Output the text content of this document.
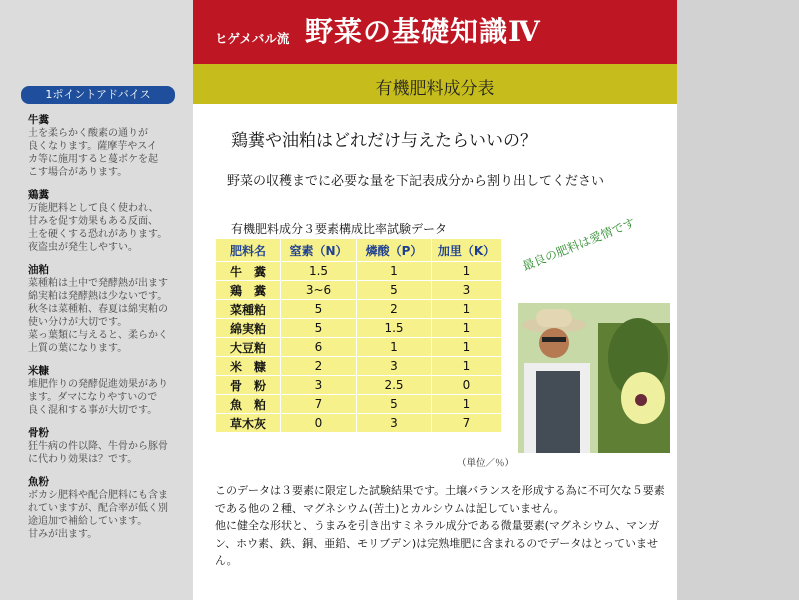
1ポイントアドバイス
牛糞
土を柔らかく酸素の通りが
良くなります。薩摩芋やスイ
カ等に施用すると蔓ボケを起
こす場合があります。
鶏糞
万能肥料として良く使われ、
甘みを促す効果もある反面、
土を硬くする恐れがあります。
夜盗虫が発生しやすい。
油粕
菜種粕は土中で発酵熱が出ます
綿実粕は発酵熱は少ないです。
秋冬は菜種粕、春夏は綿実粕の
使い分けが大切です。
菜っ葉類に与えると、柔らかく
上質の葉になります。
米糠
堆肥作りの発酵促進効果があり
ます。ダマになりやすいので
良く混和する事が大切です。
骨粉
狂牛病の件以降、牛骨から豚骨
に代わり効果は？です。
魚粉
ボカシ肥料や配合肥料にも含ま
れていますが、配合率が低く別
途追加で補給しています。
甘みが出ます。
ヒゲメバル流 野菜の基礎知識Ⅳ
有機肥料成分表
鶏糞や油粕はどれだけ与えたらいいの？
野菜の収穫までに必要な量を下記表成分から割り出してください
有機肥料成分３要素構成比率試験データ
肥料名	窒素（N）	燐酸（P）	加里（K）
牛　糞	1.5	1	1
鶏　糞	3~6	5	3
菜種粕	5	2	1
綿実粕	5	1.5	1
大豆粕	6	1	1
米　糠	2	3	1
骨　粉	3	2.5	0
魚　粕	7	5	1
草木灰	0	3	7
（単位／％）
最良の肥料は愛情です

このデータは３要素に限定した試験結果です。土壌バランスを形成する為に不可欠な５要素である他の２種、マグネシウム(苦土)とカルシウムは記していません。

他に健全な形状と、うまみを引き出すミネラル成分である微量要素(マグネシウム、マンガン、ホウ素、鉄、銅、亜鉛、モリブデン)は完熟堆肥に含まれるのでデータはとっていません。
